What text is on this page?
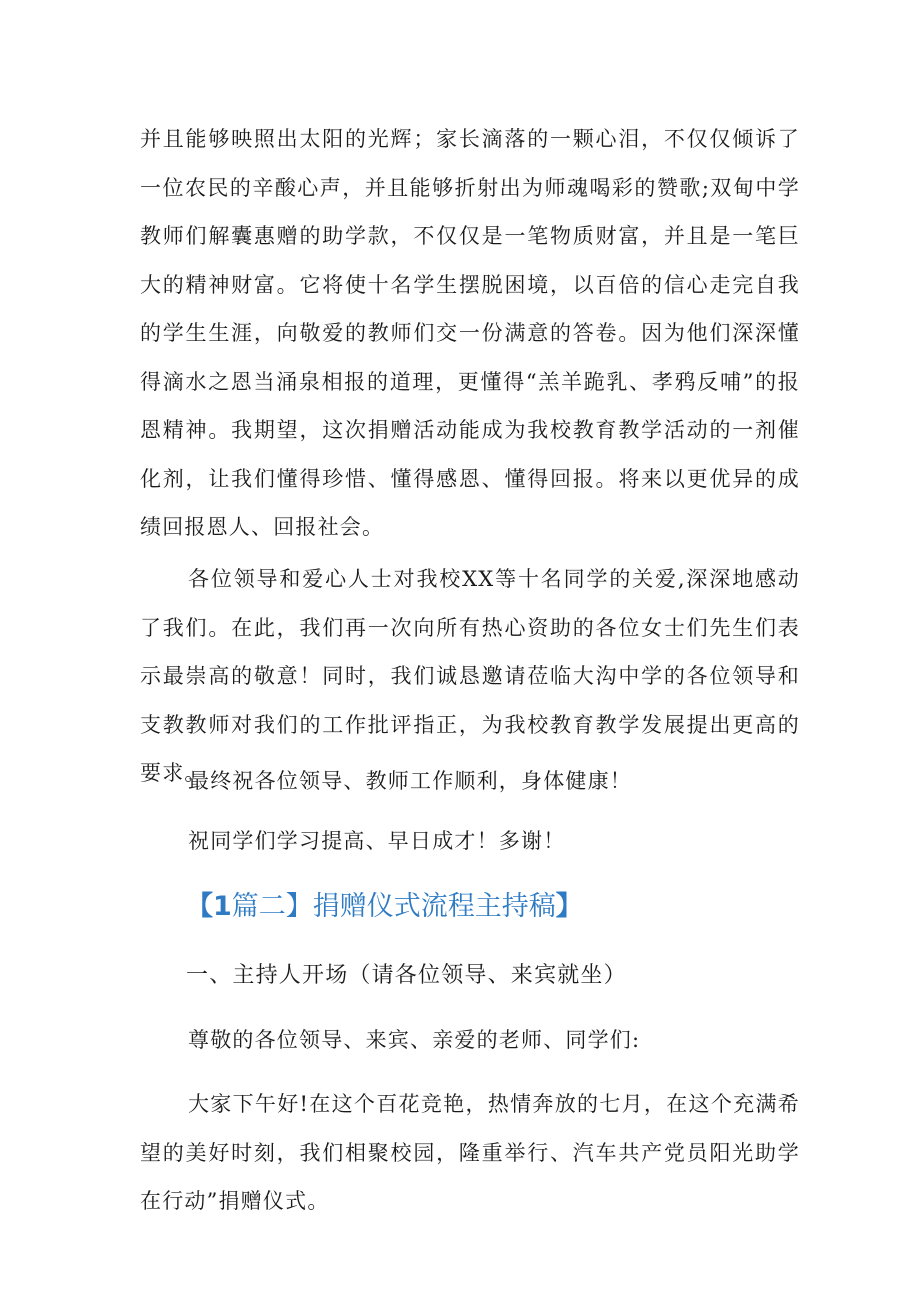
并且能够映照出太阳的光辉；家长滴落的一颗心泪，不仅仅倾诉了一位农民的辛酸心声，并且能够折射出为师魂喝彩的赞歌;双甸中学教师们解囊惠赠的助学款，不仅仅是一笔物质财富，并且是一笔巨大的精神财富。它将使十名学生摆脱困境，以百倍的信心走完自我的学生生涯，向敬爱的教师们交一份满意的答卷。因为他们深深懂得滴水之恩当涌泉相报的道理，更懂得“羔羊跪乳、孝鸦反哺”的报恩精神。我期望，这次捐赠活动能成为我校教育教学活动的一剂催化剂，让我们懂得珍惜、懂得感恩、懂得回报。将来以更优异的成绩回报恩人、回报社会。

各位领导和爱心人士对我校XX等十名同学的关爱,深深地感动了我们。在此，我们再一次向所有热心资助的各位女士们先生们表示最崇高的敬意！同时，我们诚恳邀请莅临大沟中学的各位领导和支教教师对我们的工作批评指正，为我校教育教学发展提出更高的要求。

最终祝各位领导、教师工作顺利，身体健康！

祝同学们学习提高、早日成才！多谢！

【1篇二】捐赠仪式流程主持稿】

一、主持人开场（请各位领导、来宾就坐）

尊敬的各位领导、来宾、亲爱的老师、同学们:

大家下午好!在这个百花竞艳，热情奔放的七月，在这个充满希望的美好时刻，我们相聚校园，隆重举行、汽车共产党员阳光助学在行动”捐赠仪式。
